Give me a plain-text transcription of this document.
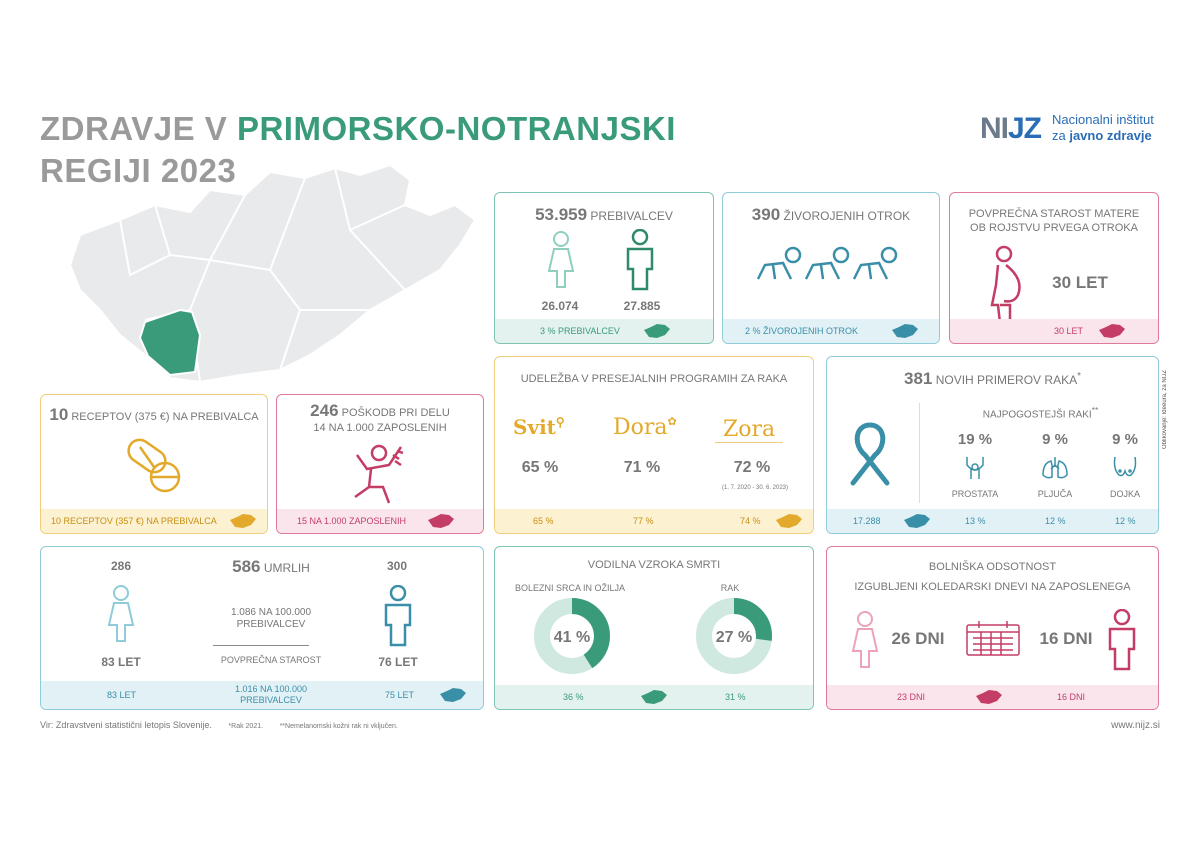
ZDRAVJE V PRIMORSKO-NOTRANJSKI
REGIJI 2023
NIJZ Nacionalni inštitut
za javno zdravje
53.959 PREBIVALCEV
26.074	27.885
3 % PREBIVALCEV
390 ŽIVOROJENIH OTROK
2 % ŽIVOROJENIH OTROK
POVPREČNA STAROST MATERE
OB ROJSTVU PRVEGA OTROKA
30 LET
30 LET
10 RECEPTOV (375 €) NA PREBIVALCA
10 RECEPTOV (357 €) NA PREBIVALCA
246 POŠKODB PRI DELU
14 NA 1.000 ZAPOSLENIH
15 NA 1.000 ZAPOSLENIH
UDELEŽBA V PRESEJALNIH PROGRAMIH ZA RAKA
Svit⚲ Dora✿	Zora
65 %	71 %	72 %
(1. 7. 2020 - 30. 6. 2023)
65 %	77 %	74 %
381 NOVIH PRIMEROV RAKA*
NAJPOGOSTEJŠI RAKI**
19 %	9 %	9 %
PROSTATA	PLJUČA	DOJKA
17.288	13 %	12 %	12 %
286	586 UMRLIH	300
1.086 NA 100.000
PREBIVALCEV
POVPREČNA STAROST
83 LET	76 LET
83 LET
1.016 NA 100.000
PREBIVALCEV	75 LET
VODILNA VZROKA SMRTI
BOLEZNI SRCA IN OŽILJA	RAK
41 %	27 %
36 %	31 %
BOLNIŠKA ODSOTNOST
IZGUBLJENI KOLEDARSKI DNEVI NA ZAPOSLENEGA
26 DNI	16 DNI
23 DNI	16 DNI
Vir: Zdravstveni statistični letopis Slovenije. *Rak 2021. **Nemelanomski kožni rak ni vključen.	www.nijz.si
Oblikovanje: Ideeura, za NIJZ
